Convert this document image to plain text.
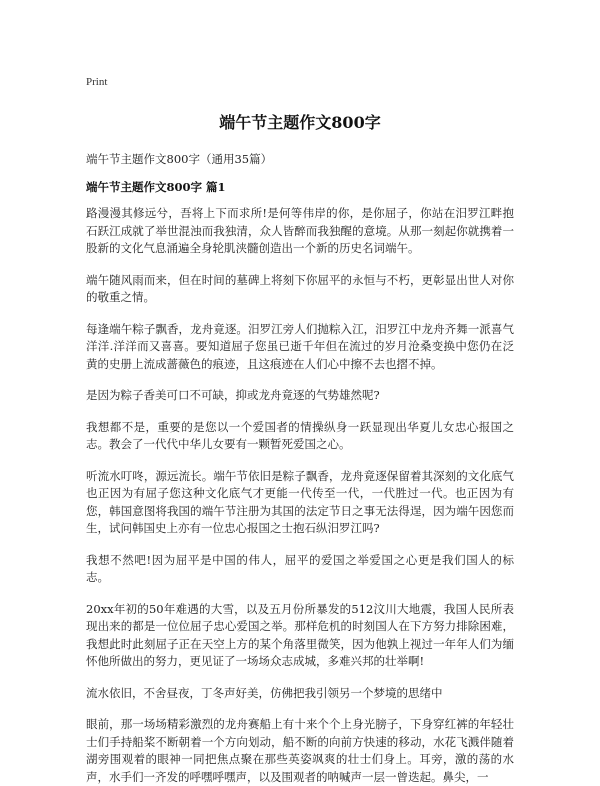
Print
端午节主题作文800字
端午节主题作文800字（通用35篇）
端午节主题作文800字 篇1

路漫漫其修远兮，吾将上下而求所!是何等伟岸的你，是你屈子，你站在汨罗江畔抱石跃江成就了举世混浊而我独清，众人皆醉而我独醒的意境。从那一刻起你就携着一股新的文化气息涌遍全身轮肌浃髓创造出一个新的历史名词端午。

端午随风雨而来，但在时间的墓碑上将刻下你屈平的永恒与不朽，更彰显出世人对你的敬重之情。

每逢端午粽子飘香，龙舟竟逐。汨罗江旁人们抛粽入江，汨罗江中龙舟齐舞一派喜气洋洋.洋洋而又喜喜。要知道屈子您虽已逝千年但在流过的岁月沧桑变换中您仍在泛黄的史册上流成蔷薇色的痕迹，且这痕迹在人们心中擦不去也摺不掉。

是因为粽子香美可口不可缺，抑或龙舟竟逐的气势雄然呢?

我想都不是，重要的是您以一个爱国者的情操纵身一跃显现出华夏儿女忠心报国之志。教会了一代代中华儿女要有一颗暂死爱国之心。

听流水叮咚，源远流长。端午节依旧是粽子飘香，龙舟竟逐保留着其深刻的文化底气也正因为有屈子您这种文化底气才更能一代传至一代，一代胜过一代。也正因为有您，韩国意图将我国的端午节注册为其国的法定节日之事无法得逞，因为端午因您而生，试问韩国史上亦有一位忠心报国之士抱石纵汨罗江吗?

我想不然吧!因为屈平是中国的伟人，屈平的爱国之举爱国之心更是我们国人的标志。

20xx年初的50年难遇的大雪，以及五月份所暴发的512汶川大地震，我国人民所表现出来的都是一位位屈子忠心爱国之举。那样危机的时刻国人在下方努力排除困难，我想此时此刻屈子正在天空上方的某个角落里微笑，因为他孰上视过一年年人们为缅怀他所做出的努力，更见证了一场场众志成城，多难兴邦的壮举啊!

流水依旧，不舍昼夜，丁冬声好美，仿佛把我引领另一个梦境的思绪中

眼前，那一场场精彩激烈的龙舟赛船上有十来个个上身光膀子，下身穿红裤的年轻壮士们手持船桨不断朝着一个方向划动，船不断的向前方快速的移动，水花飞溅伴随着湖旁围观着的眼神一同把焦点聚在那些英姿飒爽的壮士们身上。耳旁，激的荡的水声，水手们一齐发的呼嘿呼嘿声，以及围观者的呐喊声一层一曾迭起。鼻尖，一
